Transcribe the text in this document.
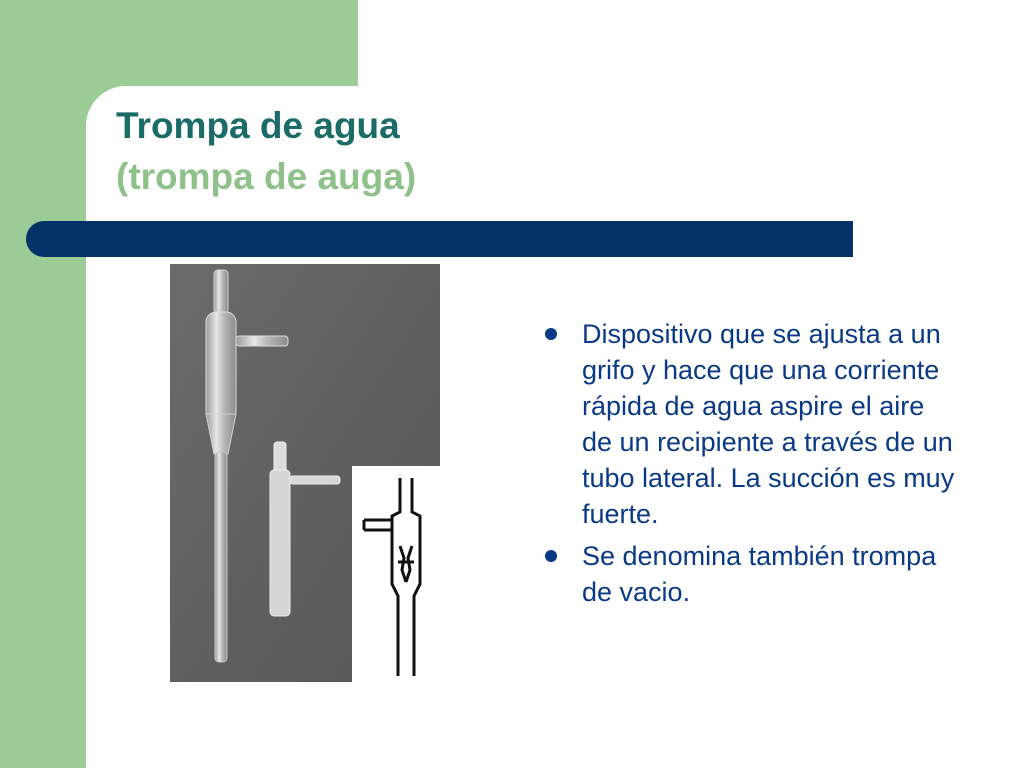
Trompa de agua
(trompa de auga)
Dispositivo que se ajusta a un grifo y hace que una corriente rápida de agua aspire el aire de un recipiente a través de un tubo lateral. La succión es muy fuerte.
Se denomina también trompa de vacio.
